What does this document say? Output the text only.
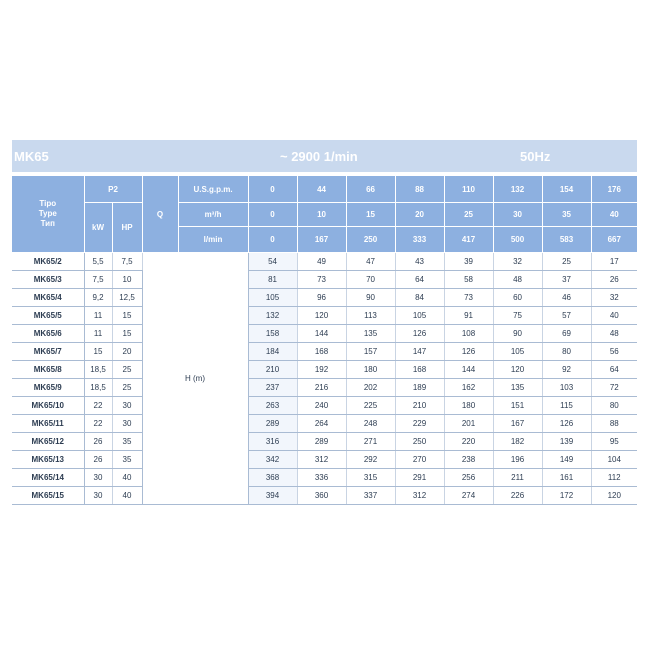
MK65	~ 2900 1/min	50Hz
Tipo
Type
Тип	P2		Q	U.S.g.p.m.	0	44	66	88	110	132	154	176
	kW	HP		m³/h	0	10	15	20	25	30	35	40
				l/min	0	167	250	333	417	500	583	667
MK65/2	5,5	7,5	H (m)		54	49	47	43	39	32	25	17
MK65/3	7,5	10			81	73	70	64	58	48	37	26
MK65/4	9,2	12,5			105	96	90	84	73	60	46	32
MK65/5	11	15			132	120	113	105	91	75	57	40
MK65/6	11	15			158	144	135	126	108	90	69	48
MK65/7	15	20			184	168	157	147	126	105	80	56
MK65/8	18,5	25			210	192	180	168	144	120	92	64
MK65/9	18,5	25			237	216	202	189	162	135	103	72
MK65/10	22	30			263	240	225	210	180	151	115	80
MK65/11	22	30			289	264	248	229	201	167	126	88
MK65/12	26	35			316	289	271	250	220	182	139	95
MK65/13	26	35			342	312	292	270	238	196	149	104
MK65/14	30	40			368	336	315	291	256	211	161	112
MK65/15	30	40			394	360	337	312	274	226	172	120
